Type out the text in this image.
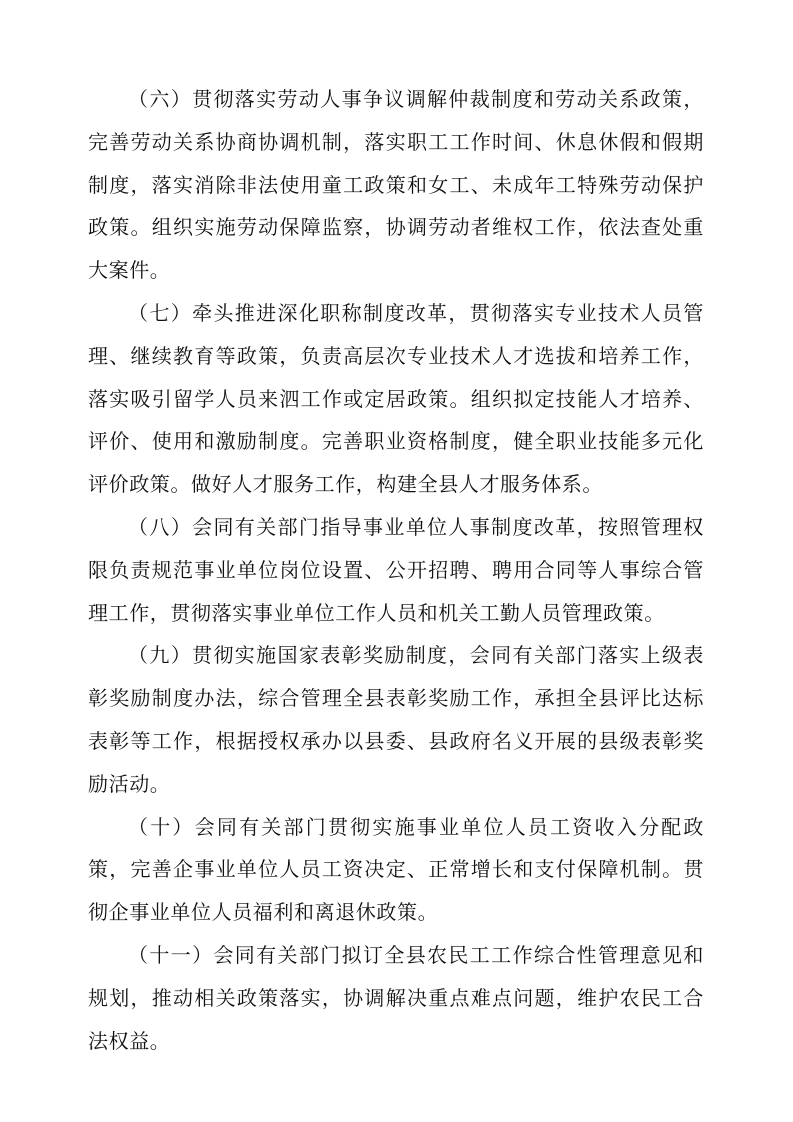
（六）贯彻落实劳动人事争议调解仲裁制度和劳动关系政策，完善劳动关系协商协调机制，落实职工工作时间、休息休假和假期制度，落实消除非法使用童工政策和女工、未成年工特殊劳动保护政策。组织实施劳动保障监察，协调劳动者维权工作，依法查处重大案件。

（七）牵头推进深化职称制度改革，贯彻落实专业技术人员管理、继续教育等政策，负责高层次专业技术人才选拔和培养工作，落实吸引留学人员来泗工作或定居政策。组织拟定技能人才培养、评价、使用和激励制度。完善职业资格制度，健全职业技能多元化评价政策。做好人才服务工作，构建全县人才服务体系。

（八）会同有关部门指导事业单位人事制度改革，按照管理权限负责规范事业单位岗位设置、公开招聘、聘用合同等人事综合管理工作，贯彻落实事业单位工作人员和机关工勤人员管理政策。

（九）贯彻实施国家表彰奖励制度，会同有关部门落实上级表彰奖励制度办法，综合管理全县表彰奖励工作，承担全县评比达标表彰等工作，根据授权承办以县委、县政府名义开展的县级表彰奖励活动。

（十）会同有关部门贯彻实施事业单位人员工资收入分配政策，完善企事业单位人员工资决定、正常增长和支付保障机制。贯彻企事业单位人员福利和离退休政策。

（十一）会同有关部门拟订全县农民工工作综合性管理意见和规划，推动相关政策落实，协调解决重点难点问题，维护农民工合法权益。
